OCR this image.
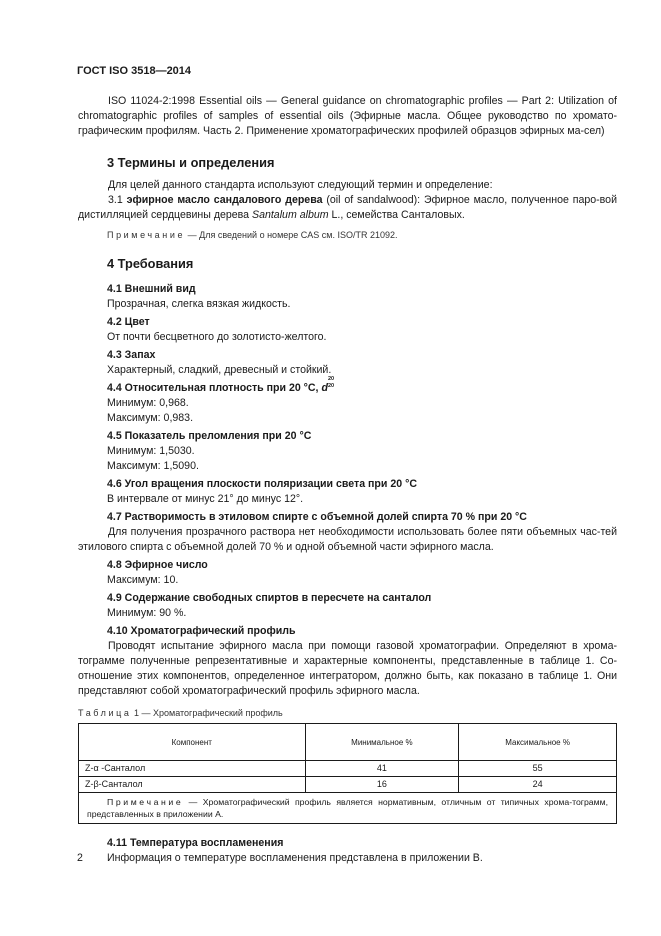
ГОСТ ISO 3518—2014

ISO 11024-2:1998 Essential oils — General guidance on chromatographic profiles — Part 2: Utilization of chromatographic profiles of samples of essential oils (Эфирные масла. Общее руководство по хромато-графическим профилям. Часть 2. Применение хроматографических профилей образцов эфирных ма-сел)

3 Термины и определения

Для целей данного стандарта используют следующий термин и определение:

3.1 эфирное масло сандалового дерева (oil of sandalwood): Эфирное масло, полученное паро-вой дистилляцией сердцевины дерева Santalum album L., семейства Санталовых.

Примечание — Для сведений о номере CAS см. ISO/TR 21092.
4 Требования
4.1 Внешний вид
Прозрачная, слегка вязкая жидкость.
4.2 Цвет
От почти бесцветного до золотисто-желтого.
4.3 Запах
Характерный, сладкий, древесный и стойкий.
4.4 Относительная плотность при 20 °С, d
20
20
Минимум: 0,968.
Максимум: 0,983.
4.5 Показатель преломления при 20 °С
Минимум: 1,5030.
Максимум: 1,5090.
4.6 Угол вращения плоскости поляризации света при 20 °С
В интервале от минус 21° до минус 12°.
4.7 Растворимость в этиловом спирте с объемной долей спирта 70 % при 20 °С

Для получения прозрачного раствора нет необходимости использовать более пяти объемных час-тей этилового спирта с объемной долей 70 % и одной объемной части эфирного масла.

4.8 Эфирное число
Максимум: 10.
4.9 Содержание свободных спиртов в пересчете на санталол
Минимум: 90 %.
4.10 Хроматографический профиль

Проводят испытание эфирного масла при помощи газовой хроматографии. Определяют в хрома-тограмме полученные репрезентативные и характерные компоненты, представленные в таблице 1. Со-отношение этих компонентов, определенное интегратором, должно быть, как показано в таблице 1. Они представляют собой хроматографический профиль эфирного масла.

Таблица 1 — Хроматографический профиль
Компонент	Минимальное %	Максимальное %
Z-α -Санталол	41	55
Z-β-Санталол	16	24

Примечание — Хроматографический профиль является нормативным, отличным от типичных хрома-тограмм, представленных в приложении А.		
4.11 Температура воспламенения
Информация о температуре воспламенения представлена в приложении В.
2
